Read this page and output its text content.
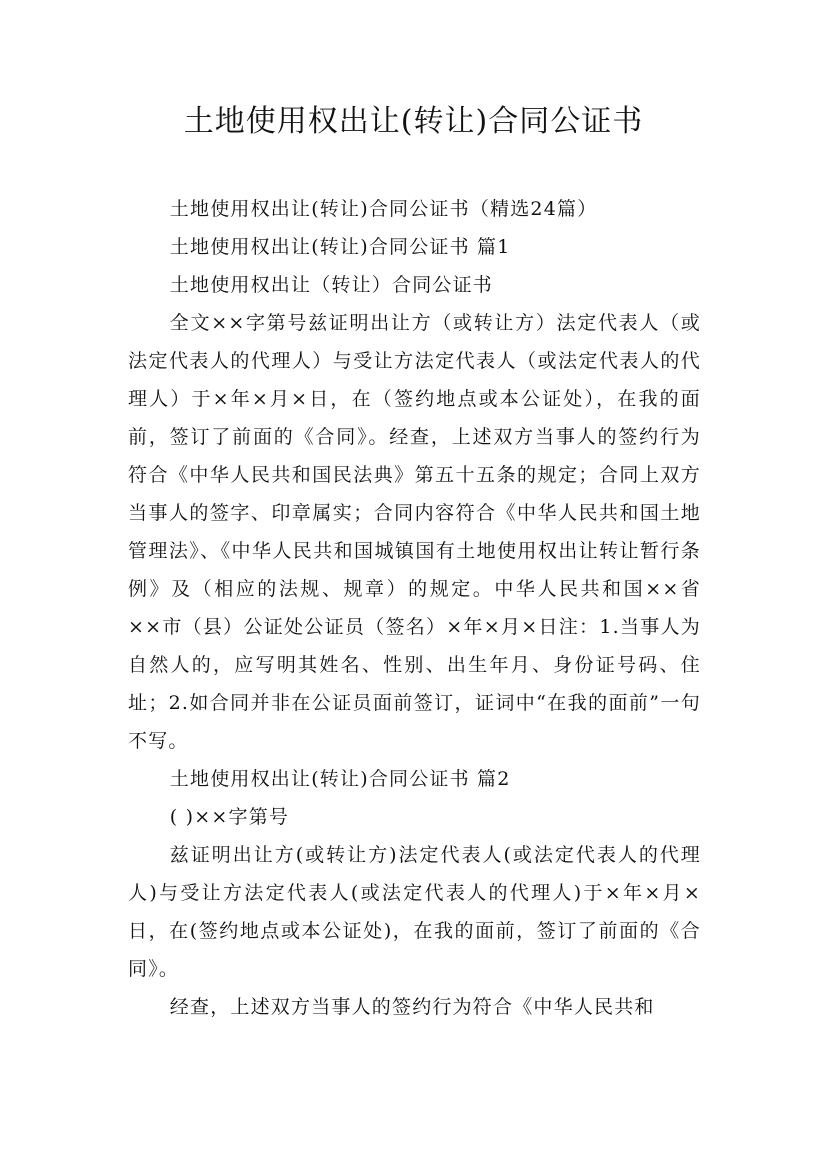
土地使用权出让(转让)合同公证书

土地使用权出让(转让)合同公证书（精选24篇）

土地使用权出让(转让)合同公证书 篇1

土地使用权出让（转让）合同公证书

全文××字第号兹证明出让方（或转让方）法定代表人（或法定代表人的代理人）与受让方法定代表人（或法定代表人的代理人）于×年×月×日，在（签约地点或本公证处），在我的面前，签订了前面的《合同》。经查，上述双方当事人的签约行为符合《中华人民共和国民法典》第五十五条的规定；合同上双方当事人的签字、印章属实；合同内容符合《中华人民共和国土地管理法》、《中华人民共和国城镇国有土地使用权出让转让暂行条例》及（相应的法规、规章）的规定。中华人民共和国××省××市（县）公证处公证员（签名）×年×月×日注：1.当事人为自然人的，应写明其姓名、性别、出生年月、身份证号码、住址；2.如合同并非在公证员面前签订，证词中“在我的面前”一句不写。

土地使用权出让(转让)合同公证书 篇2

( )××字第号

兹证明出让方(或转让方)法定代表人(或法定代表人的代理人)与受让方法定代表人(或法定代表人的代理人)于×年×月×日，在(签约地点或本公证处)，在我的面前，签订了前面的《合同》。

经查，上述双方当事人的签约行为符合《中华人民共和
